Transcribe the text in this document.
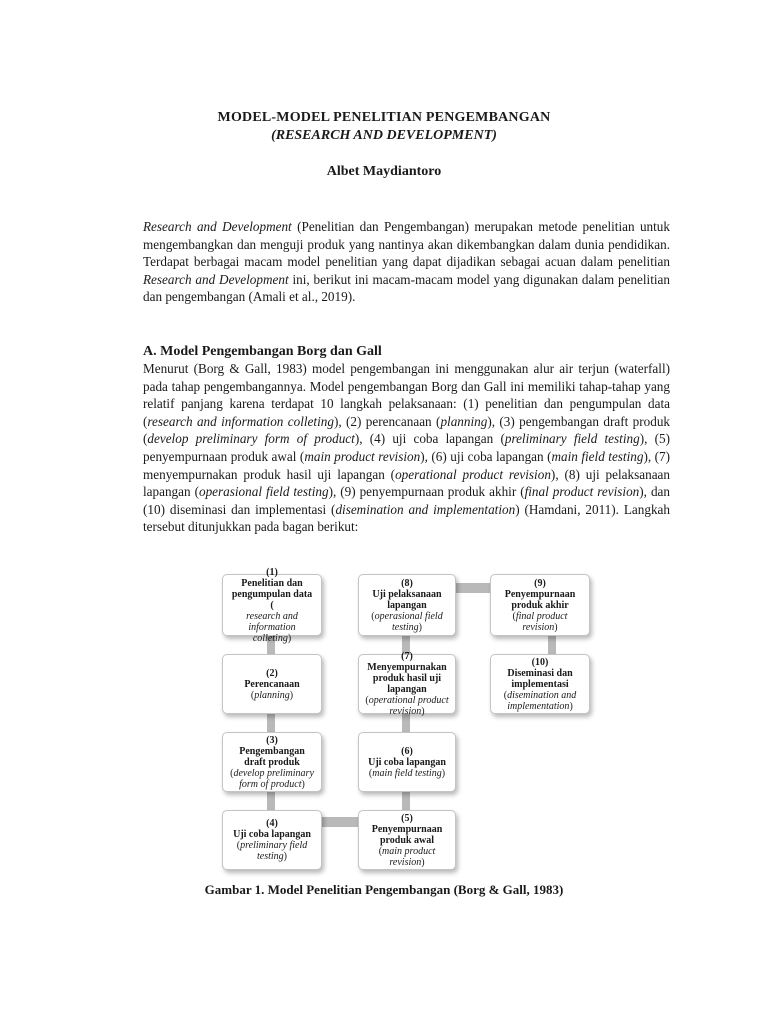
MODEL-MODEL PENELITIAN PENGEMBANGAN
(RESEARCH AND DEVELOPMENT)
Albet Maydiantoro
Research and Development (Penelitian dan Pengembangan) merupakan metode penelitian untuk mengembangkan dan menguji produk yang nantinya akan dikembangkan dalam dunia pendidikan. Terdapat berbagai macam model penelitian yang dapat dijadikan sebagai acuan dalam penelitian Research and Development ini, berikut ini macam-macam model yang digunakan dalam penelitian dan pengembangan (Amali et al., 2019).
A. Model Pengembangan Borg dan Gall
Menurut (Borg & Gall, 1983) model pengembangan ini menggunakan alur air terjun (waterfall) pada tahap pengembangannya. Model pengembangan Borg dan Gall ini memiliki tahap-tahap yang relatif panjang karena terdapat 10 langkah pelaksanaan: (1) penelitian dan pengumpulan data (research and information colleting), (2) perencanaan (planning), (3) pengembangan draft produk (develop preliminary form of product), (4) uji coba lapangan (preliminary field testing), (5) penyempurnaan produk awal (main product revision), (6) uji coba lapangan (main field testing), (7) menyempurnakan produk hasil uji lapangan (operational product revision), (8) uji pelaksanaan lapangan (operasional field testing), (9) penyempurnaan produk akhir (final product revision), dan (10) diseminasi dan implementasi (disemination and implementation) (Hamdani, 2011). Langkah tersebut ditunjukkan pada bagan berikut:
(1)
Penelitian dan pengumpulan data (
research and information colleting)
(2)
Perencanaan
(planning)
(3)
Pengembangan draft produk
(develop preliminary form of product)
(4)
Uji coba lapangan
(preliminary field testing)
(5)
Penyempurnaan produk awal
(main product revision)
(6)
Uji coba lapangan
(main field testing)
(7)
Menyempurnakan produk hasil uji lapangan
(operational product revision)
(8)
Uji pelaksanaan lapangan
(operasional field testing)
(9)
Penyempurnaan produk akhir
(final product revision)
(10)
Diseminasi dan implementasi
(disemination and implementation)
Gambar 1. Model Penelitian Pengembangan (Borg & Gall, 1983)
